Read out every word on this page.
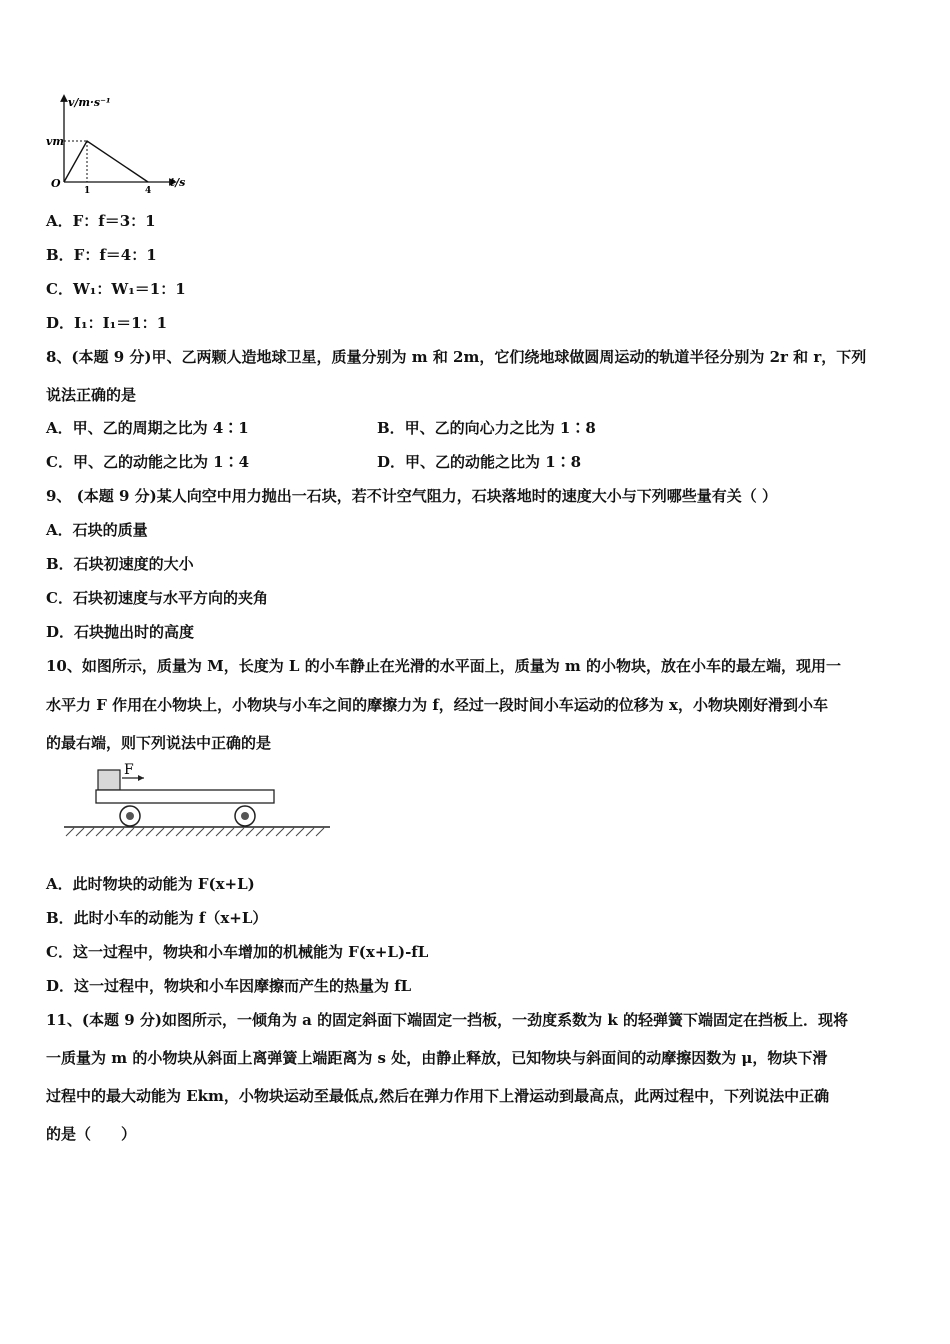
v/m·s⁻¹
vm
O	t/s
1	4
A．F：f＝3：1
B．F：f＝4：1
C．W₁：W₁＝1：1
D．I₁：I₁＝1：1
8、(本题 9 分)甲、乙两颗人造地球卫星，质量分别为 m 和 2m，它们绕地球做圆周运动的轨道半径分别为 2r 和 r，下列
说法正确的是
A．甲、乙的周期之比为 4∶1	B．甲、乙的向心力之比为 1∶8
C．甲、乙的动能之比为 1∶4	D．甲、乙的动能之比为 1∶8
9、 (本题 9 分)某人向空中用力抛出一石块，若不计空气阻力，石块落地时的速度大小与下列哪些量有关（ ）
A．石块的质量
B．石块初速度的大小
C．石块初速度与水平方向的夹角
D．石块抛出时的高度
10、如图所示，质量为 M，长度为 L 的小车静止在光滑的水平面上，质量为 m 的小物块，放在小车的最左端，现用一
水平力 F 作用在小物块上，小物块与小车之间的摩擦力为 f，经过一段时间小车运动的位移为 x，小物块刚好滑到小车
的最右端，则下列说法中正确的是
F
A．此时物块的动能为 F(x+L)
B．此时小车的动能为 f（x+L）
C．这一过程中，物块和小车增加的机械能为 F(x+L)-fL
D．这一过程中，物块和小车因摩擦而产生的热量为 fL
11、(本题 9 分)如图所示，一倾角为 a 的固定斜面下端固定一挡板，一劲度系数为 k 的轻弹簧下端固定在挡板上．现将
一质量为 m 的小物块从斜面上离弹簧上端距离为 s 处，由静止释放，已知物块与斜面间的动摩擦因数为 μ，物块下滑
过程中的最大动能为 Ekm，小物块运动至最低点,然后在弹力作用下上滑运动到最高点，此两过程中，下列说法中正确
的是（　　）
